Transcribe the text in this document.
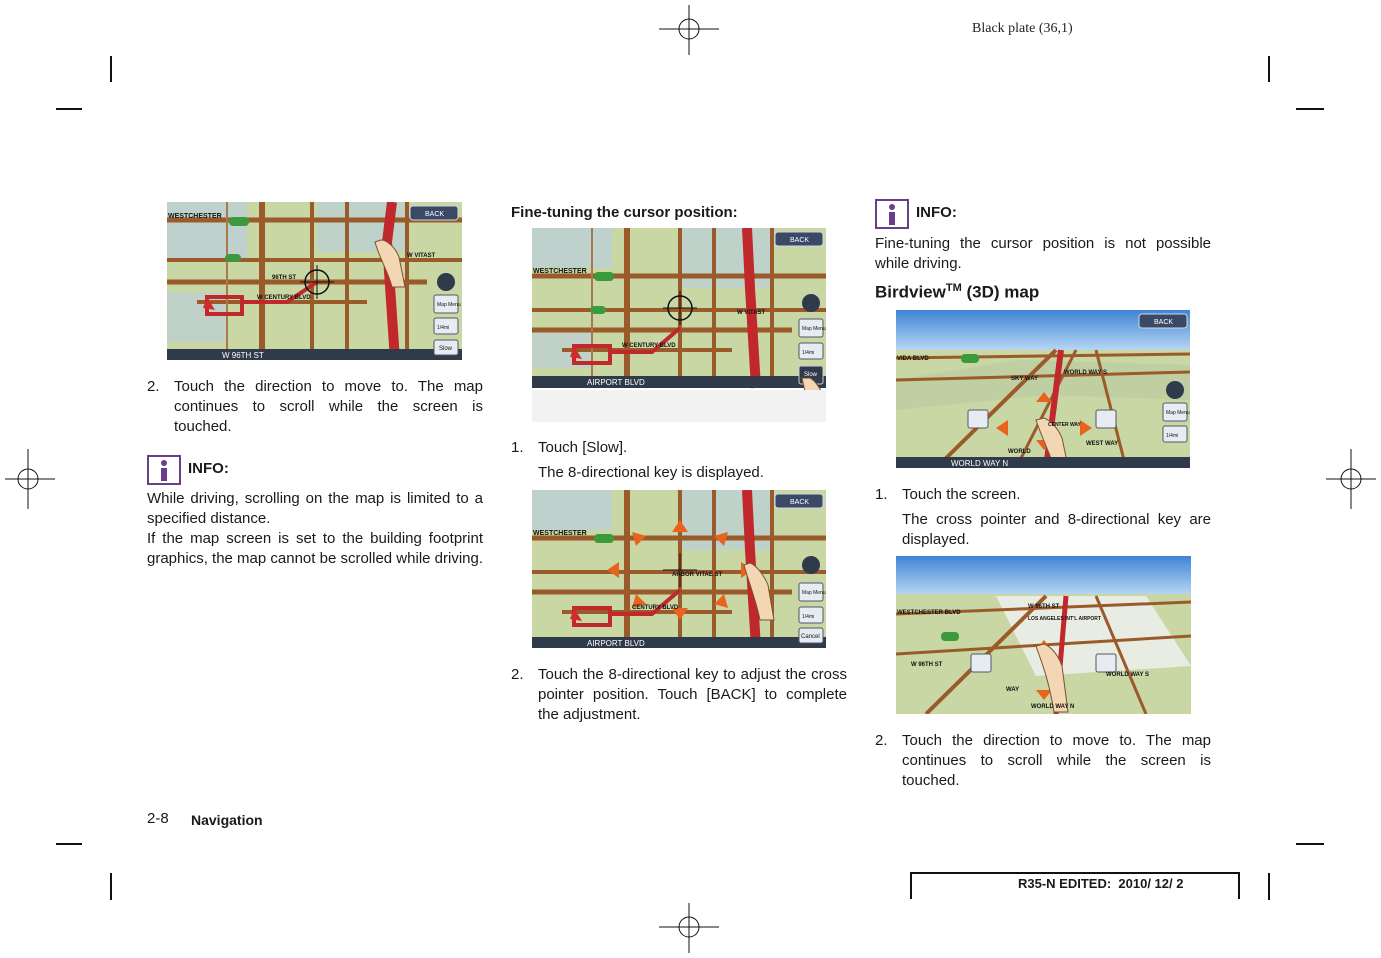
Black plate (36,1)
WESTCHESTER
96TH ST
W CENTURY BLVD
W VITAST
W 96TH ST
BACK
Map Menu
1/4mi
Slow
2. Touch the direction to move to. The map continues to scroll while the screen is touched.
INFO:
While driving, scrolling on the map is limited to a specified distance.
If the map screen is set to the building footprint graphics, the map cannot be scrolled while driving.
Fine-tuning the cursor position:
WESTCHESTER
W VITAST
W CENTURY BLVD
AIRPORT BLVD
BACK
Map Menu
1/4mi
Slow
1. Touch [Slow].
The 8-directional key is displayed.
WESTCHESTER
ARBOR VITAE ST
CENTURY BLVD
AIRPORT BLVD
BACK
Map Menu
1/4mi
Cancel
2. Touch the 8-directional key to adjust the cross pointer position. Touch [BACK] to complete the adjustment.
INFO:
Fine-tuning the cursor position is not possible while driving.
Birdview™ (3D) map
VIDA BLVD
SKY WAY
WORLD WAY S
CENTER WAY
WEST WAY
WORLD
WORLD WAY N
BACK
Map Menu
1/4mi
1. Touch the screen.
The cross pointer and 8-directional key are displayed.
WESTCHESTER BLVD
W 96TH ST
LOS ANGELES INT'L AIRPORT
W 96TH ST
WORLD WAY S
WAY
WORLD WAY N
2. Touch the direction to move to. The map continues to scroll while the screen is touched.
2-8 Navigation
R35-N EDITED:  2010/ 12/ 2
